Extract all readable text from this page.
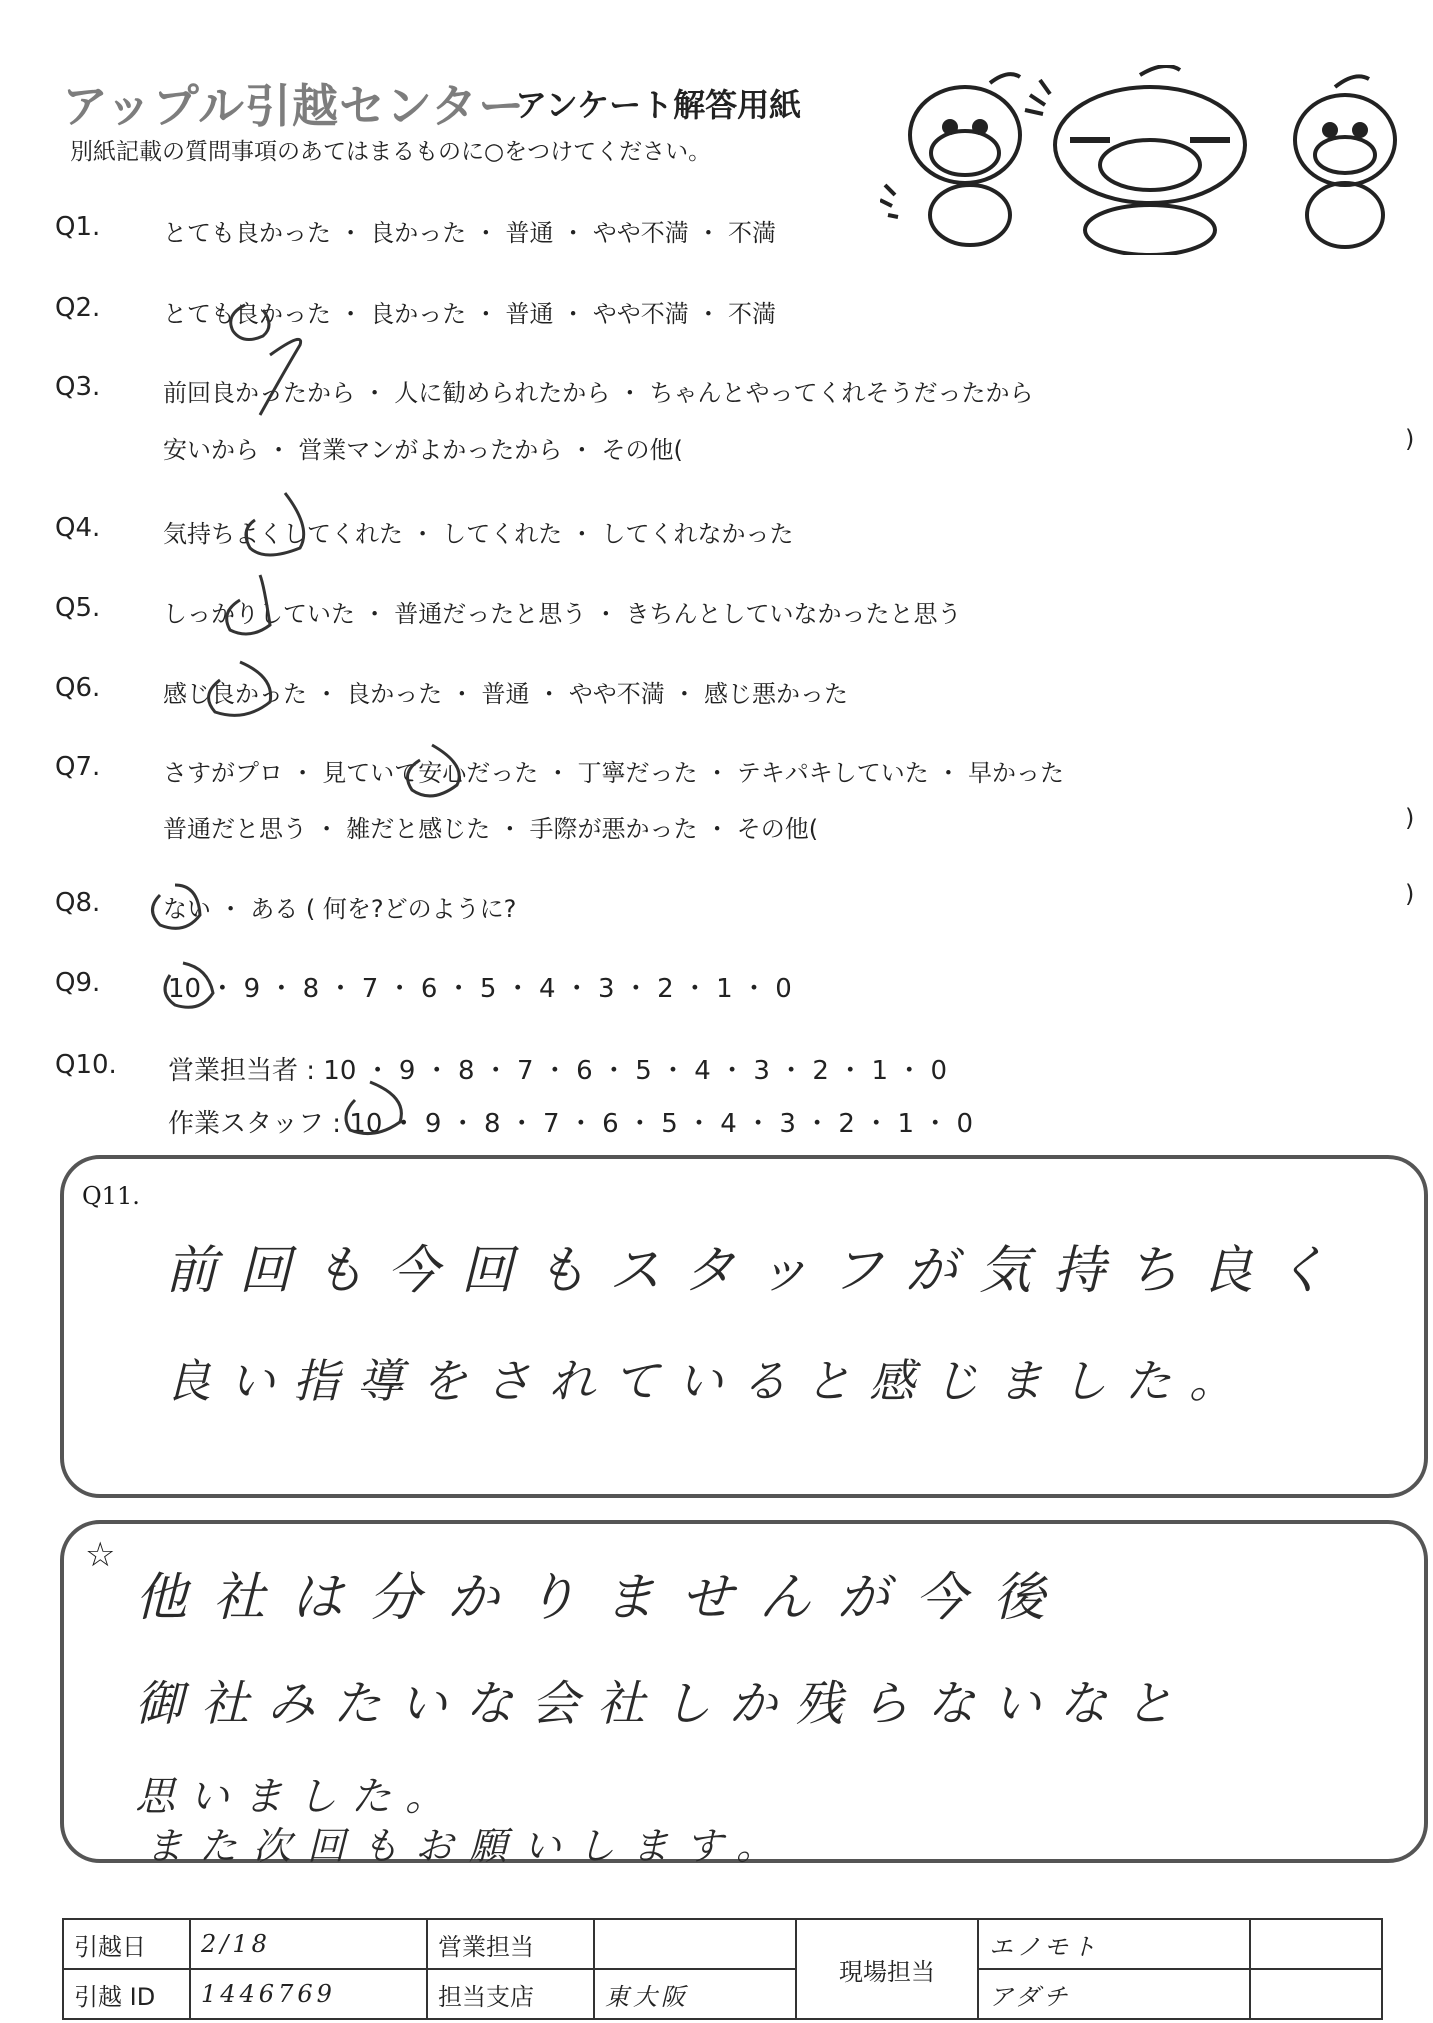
アップル引越センター
アンケート解答用紙
別紙記載の質問事項のあてはまるものに○をつけてください。
Q1.	とても良かった ・ 良かった ・ 普通 ・ やや不満 ・ 不満
Q2.	とても良かった ・ 良かった ・ 普通 ・ やや不満 ・ 不満
Q3.	前回良かったから ・ 人に勧められたから ・ ちゃんとやってくれそうだったから
安いから ・ 営業マンがよかったから ・ その他(	)
Q4.	気持ちよくしてくれた ・ してくれた ・ してくれなかった
Q5.	しっかりしていた ・ 普通だったと思う ・ きちんとしていなかったと思う
Q6.	感じ良かった ・ 良かった ・ 普通 ・ やや不満 ・ 感じ悪かった
Q7.	さすがプロ ・ 見ていて安心だった ・ 丁寧だった ・ テキパキしていた ・ 早かった
普通だと思う ・ 雑だと感じた ・ 手際が悪かった ・ その他(	)
Q8.	ない ・ ある ( 何を?どのように?
)
Q9.	10 ・ 9 ・ 8 ・ 7 ・ 6 ・ 5 ・ 4 ・ 3 ・ 2 ・ 1 ・ 0
Q10. 営業担当者 : 10 ・ 9 ・ 8 ・ 7 ・ 6 ・ 5 ・ 4 ・ 3 ・ 2 ・ 1 ・ 0
作業スタッフ : 10 ・ 9 ・ 8 ・ 7 ・ 6 ・ 5 ・ 4 ・ 3 ・ 2 ・ 1 ・ 0
Q11.
前回も今回もスタッフが気持ち良く
良い指導をされていると感じました。
☆
他社は分かりませんが今後
御社みたいな会社しか残らないなと
思いました。
また次回もお願いします。
引越日	2/18	営業担当		現場担当	エノモト	
引越 ID	1446769	担当支店	東大阪		アダチ	
